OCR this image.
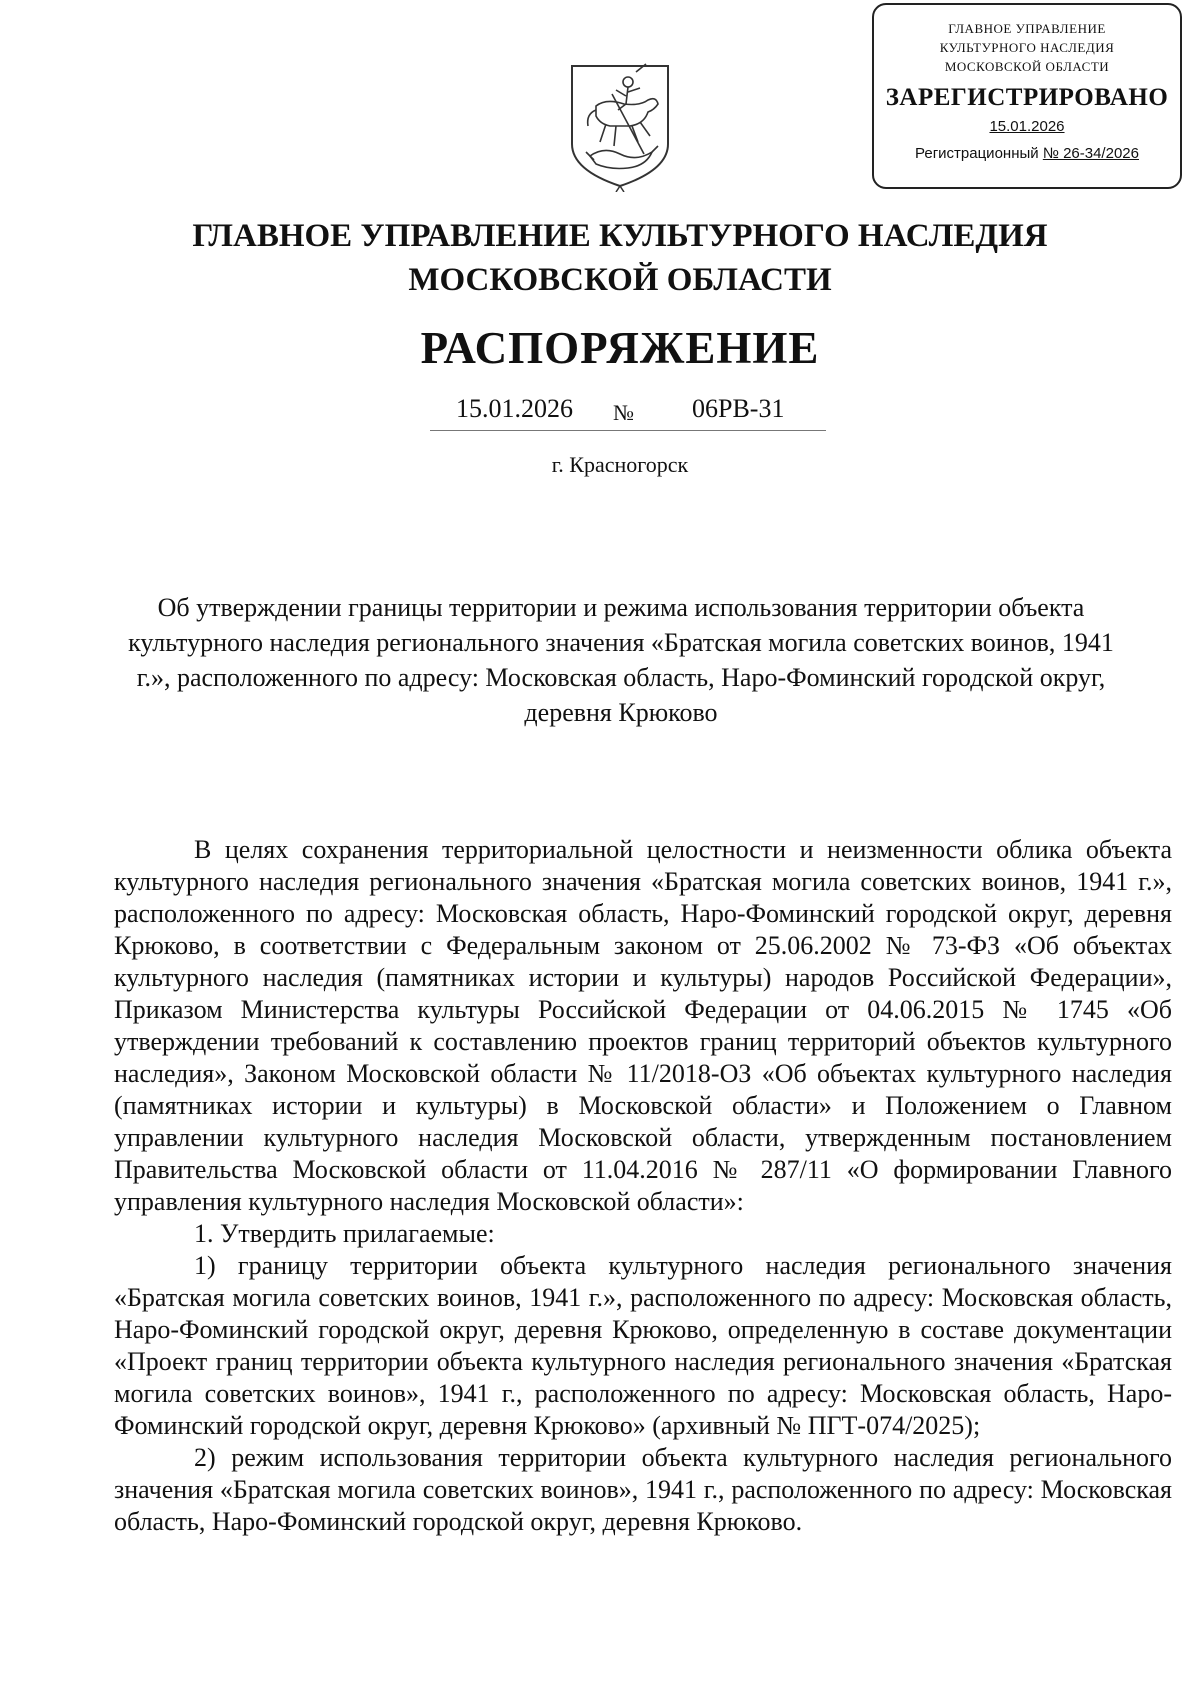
ГЛАВНОЕ УПРАВЛЕНИЕ
КУЛЬТУРНОГО НАСЛЕДИЯ
МОСКОВСКОЙ ОБЛАСТИ
ЗАРЕГИСТРИРОВАНО
15.01.2026
Регистрационный № 26-34/2026
ГЛАВНОЕ УПРАВЛЕНИЕ КУЛЬТУРНОГО НАСЛЕДИЯ
МОСКОВСКОЙ ОБЛАСТИ
РАСПОРЯЖЕНИЕ
15.01.2026 № 06РВ-31
г. Красногорск
Об утверждении границы территории и режима использования территории объекта культурного наследия регионального значения «Братская могила советских воинов, 1941 г.», расположенного по адресу: Московская область, Наро-Фоминский городской округ, деревня Крюково

В целях сохранения территориальной целостности и неизменности облика объекта культурного наследия регионального значения «Братская могила советских воинов, 1941 г.», расположенного по адресу: Московская область, Наро-Фоминский городской округ, деревня Крюково, в соответствии с Федеральным законом от 25.06.2002 № 73-ФЗ «Об объектах культурного наследия (памятниках истории и культуры) народов Российской Федерации», Приказом Министерства культуры Российской Федерации от 04.06.2015 № 1745 «Об утверждении требований к составлению проектов границ территорий объектов культурного наследия», Законом Московской области № 11/2018-ОЗ «Об объектах культурного наследия (памятниках истории и культуры) в Московской области» и Положением о Главном управлении культурного наследия Московской области, утвержденным постановлением Правительства Московской области от 11.04.2016 № 287/11 «О формировании Главного управления культурного наследия Московской области»:

1. Утвердить прилагаемые:

1) границу территории объекта культурного наследия регионального значения «Братская могила советских воинов, 1941 г.», расположенного по адресу: Московская область, Наро-Фоминский городской округ, деревня Крюково, определенную в составе документации «Проект границ территории объекта культурного наследия регионального значения «Братская могила советских воинов», 1941 г., расположенного по адресу: Московская область, Наро-Фоминский городской округ, деревня Крюково» (архивный № ПГТ-074/2025);

2) режим использования территории объекта культурного наследия регионального значения «Братская могила советских воинов», 1941 г., расположенного по адресу: Московская область, Наро-Фоминский городской округ, деревня Крюково.
